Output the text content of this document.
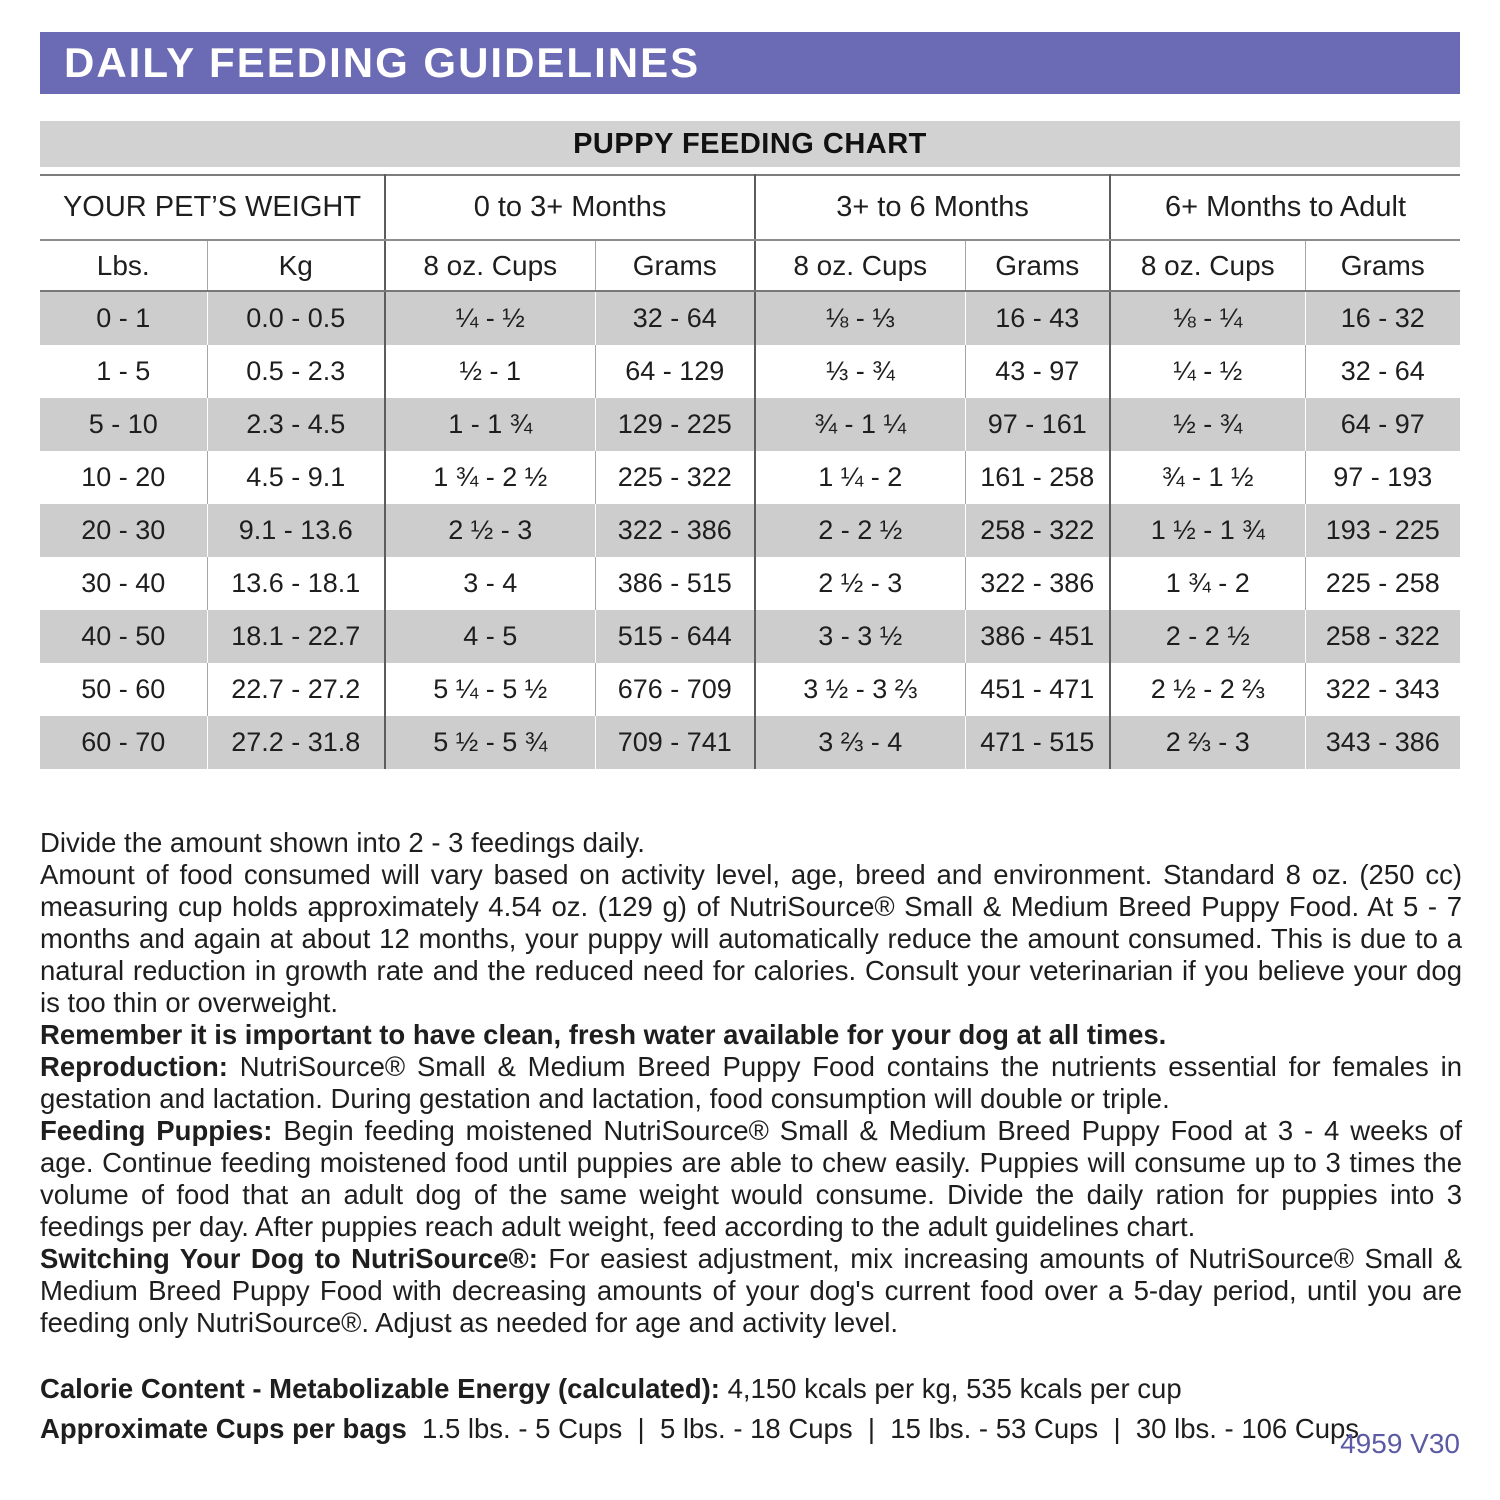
DAILY FEEDING GUIDELINES
PUPPY FEEDING CHART
YOUR PET’S WEIGHT		0 to 3+ Months		3+ to 6 Months		6+ Months to Adult	
Lbs.	Kg	8 oz. Cups	Grams	8 oz. Cups	Grams	8 oz. Cups	Grams
0 - 1	0.0 - 0.5	¼ - ½	32 - 64	⅛ - ⅓	16 - 43	⅛ - ¼	16 - 32
1 - 5	0.5 - 2.3	½ - 1	64 - 129	⅓ - ¾	43 - 97	¼ - ½	32 - 64
5 - 10	2.3 - 4.5	1 - 1 ¾	129 - 225	¾ - 1 ¼	97 - 161	½ - ¾	64 - 97
10 - 20	4.5 - 9.1	1 ¾ - 2 ½	225 - 322	1 ¼ - 2	161 - 258	¾ - 1 ½	97 - 193
20 - 30	9.1 - 13.6	2 ½ - 3	322 - 386	2 - 2 ½	258 - 322	1 ½ - 1 ¾	193 - 225
30 - 40	13.6 - 18.1	3 - 4	386 - 515	2 ½ - 3	322 - 386	1 ¾ - 2	225 - 258
40 - 50	18.1 - 22.7	4 - 5	515 - 644	3 - 3 ½	386 - 451	2 - 2 ½	258 - 322
50 - 60	22.7 - 27.2	5 ¼ - 5 ½	676 - 709	3 ½ - 3 ⅔	451 - 471	2 ½ - 2 ⅔	322 - 343
60 - 70	27.2 - 31.8	5 ½ - 5 ¾	709 - 741	3 ⅔ - 4	471 - 515	2 ⅔ - 3	343 - 386

Divide the amount shown into 2 - 3 feedings daily.

Amount of food consumed will vary based on activity level, age, breed and environment. Standard 8 oz. (250 cc) measuring cup holds approximately 4.54 oz. (129 g) of NutriSource® Small & Medium Breed Puppy Food. At 5 - 7 months and again at about 12 months, your puppy will automatically reduce the amount consumed. This is due to a natural reduction in growth rate and the reduced need for calories. Consult your veterinarian if you believe your dog is too thin or overweight.

Remember it is important to have clean, fresh water available for your dog at all times.

Reproduction: NutriSource® Small & Medium Breed Puppy Food contains the nutrients essential for females in gestation and lactation. During gestation and lactation, food consumption will double or triple.

Feeding Puppies: Begin feeding moistened NutriSource® Small & Medium Breed Puppy Food at 3 - 4 weeks of age. Continue feeding moistened food until puppies are able to chew easily. Puppies will consume up to 3 times the volume of food that an adult dog of the same weight would consume. Divide the daily ration for puppies into 3 feedings per day. After puppies reach adult weight, feed according to the adult guidelines chart.

Switching Your Dog to NutriSource®: For easiest adjustment, mix increasing amounts of NutriSource® Small & Medium Breed Puppy Food with decreasing amounts of your dog's current food over a 5-day period, until you are feeding only NutriSource®. Adjust as needed for age and activity level.

Calorie Content - Metabolizable Energy (calculated): 4,150 kcals per kg, 535 kcals per cup
Approximate Cups per bags  1.5 lbs. - 5 Cups  |  5 lbs. - 18 Cups  |  15 lbs. - 53 Cups  |  30 lbs. - 106 Cups
4959 V30
